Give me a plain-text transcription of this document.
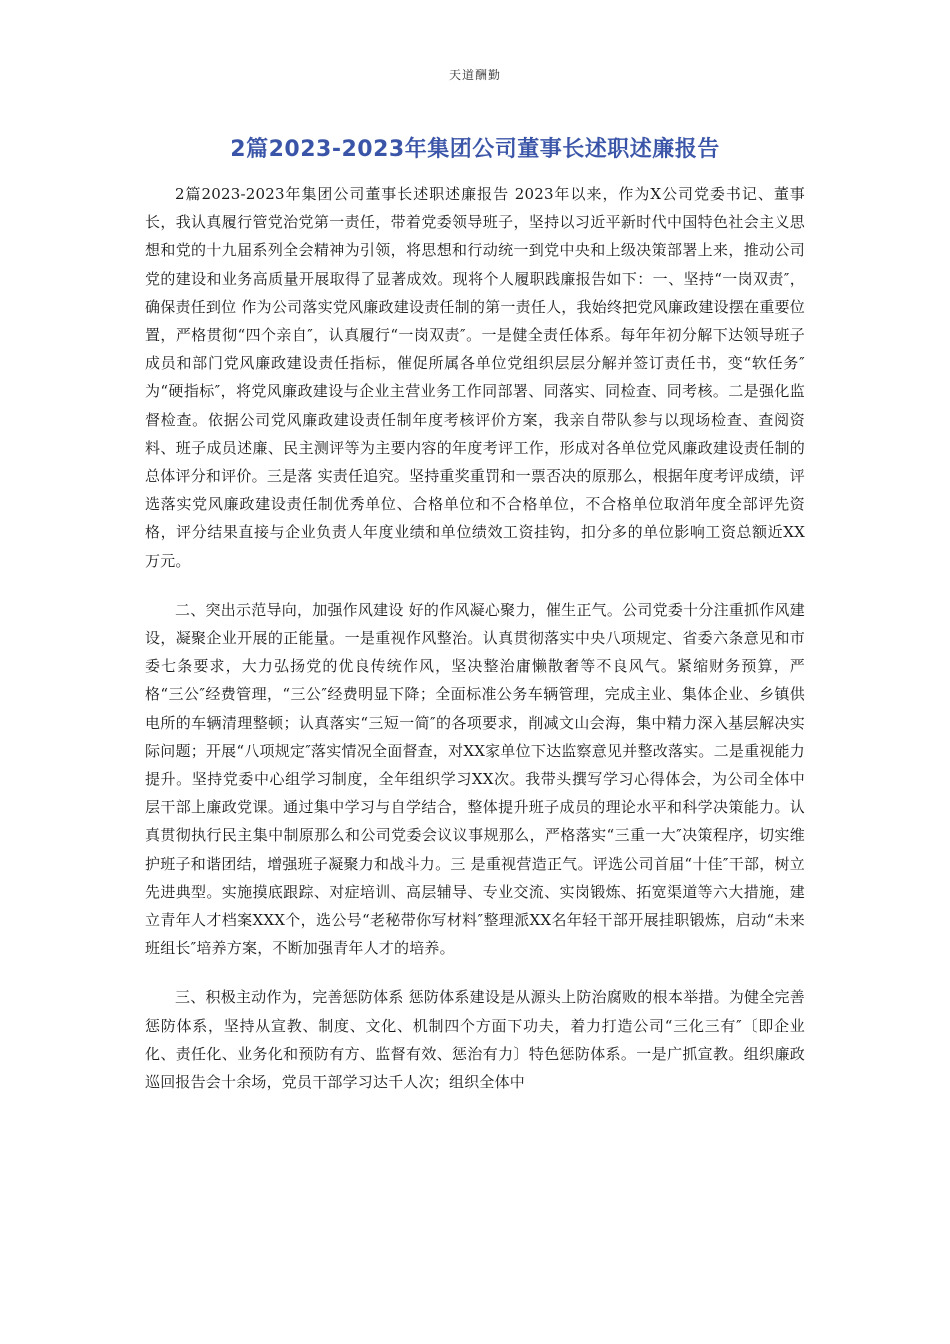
天道酬勤
2篇2023-2023年集团公司董事长述职述廉报告

2篇2023-2023年集团公司董事长述职述廉报告 2023年以来，作为X公司党委书记、董事长，我认真履行管党治党第一责任，带着党委领导班子，坚持以习近平新时代中国特色社会主义思想和党的十九届系列全会精神为引领，将思想和行动统一到党中央和上级决策部署上来，推动公司党的建设和业务高质量开展取得了显著成效。现将个人履职践廉报告如下：一、坚持“一岗双责″，确保责任到位 作为公司落实党风廉政建设责任制的第一责任人，我始终把党风廉政建设摆在重要位置，严格贯彻“四个亲自″，认真履行“一岗双责″。一是健全责任体系。每年年初分解下达领导班子成员和部门党风廉政建设责任指标，催促所属各单位党组织层层分解并签订责任书，变“软任务″为“硬指标″，将党风廉政建设与企业主营业务工作同部署、同落实、同检查、同考核。二是强化监督检查。依据公司党风廉政建设责任制年度考核评价方案，我亲自带队参与以现场检查、查阅资料、班子成员述廉、民主测评等为主要内容的年度考评工作，形成对各单位党风廉政建设责任制的总体评分和评价。三是落 实责任追究。坚持重奖重罚和一票否决的原那么，根据年度考评成绩，评选落实党风廉政建设责任制优秀单位、合格单位和不合格单位，不合格单位取消年度全部评先资格，评分结果直接与企业负责人年度业绩和单位绩效工资挂钩，扣分多的单位影响工资总额近XX万元。

二、突出示范导向，加强作风建设 好的作风凝心聚力，催生正气。公司党委十分注重抓作风建设，凝聚企业开展的正能量。一是重视作风整治。认真贯彻落实中央八项规定、省委六条意见和市委七条要求，大力弘扬党的优良传统作风，坚决整治庸懒散奢等不良风气。紧缩财务预算，严格“三公″经费管理，“三公″经费明显下降；全面标准公务车辆管理，完成主业、集体企业、乡镇供电所的车辆清理整顿；认真落实“三短一简″的各项要求，削减文山会海，集中精力深入基层解决实际问题；开展“八项规定″落实情况全面督查，对XX家单位下达监察意见并整改落实。二是重视能力提升。坚持党委中心组学习制度，全年组织学习XX次。我带头撰写学习心得体会，为公司全体中层干部上廉政党课。通过集中学习与自学结合，整体提升班子成员的理论水平和科学决策能力。认真贯彻执行民主集中制原那么和公司党委会议议事规那么，严格落实“三重一大″决策程序，切实维护班子和谐团结，增强班子凝聚力和战斗力。三 是重视营造正气。评选公司首届“十佳″干部，树立先进典型。实施摸底跟踪、对症培训、高层辅导、专业交流、实岗锻炼、拓宽渠道等六大措施，建立青年人才档案XXX个，选公号“老秘带你写材料″整理派XX名年轻干部开展挂职锻炼，启动“未来班组长″培养方案，不断加强青年人才的培养。

三、积极主动作为，完善惩防体系 惩防体系建设是从源头上防治腐败的根本举措。为健全完善惩防体系，坚持从宣教、制度、文化、机制四个方面下功夫，着力打造公司“三化三有″〔即企业化、责任化、业务化和预防有方、监督有效、惩治有力〕特色惩防体系。一是广抓宣教。组织廉政巡回报告会十余场，党员干部学习达千人次；组织全体中
